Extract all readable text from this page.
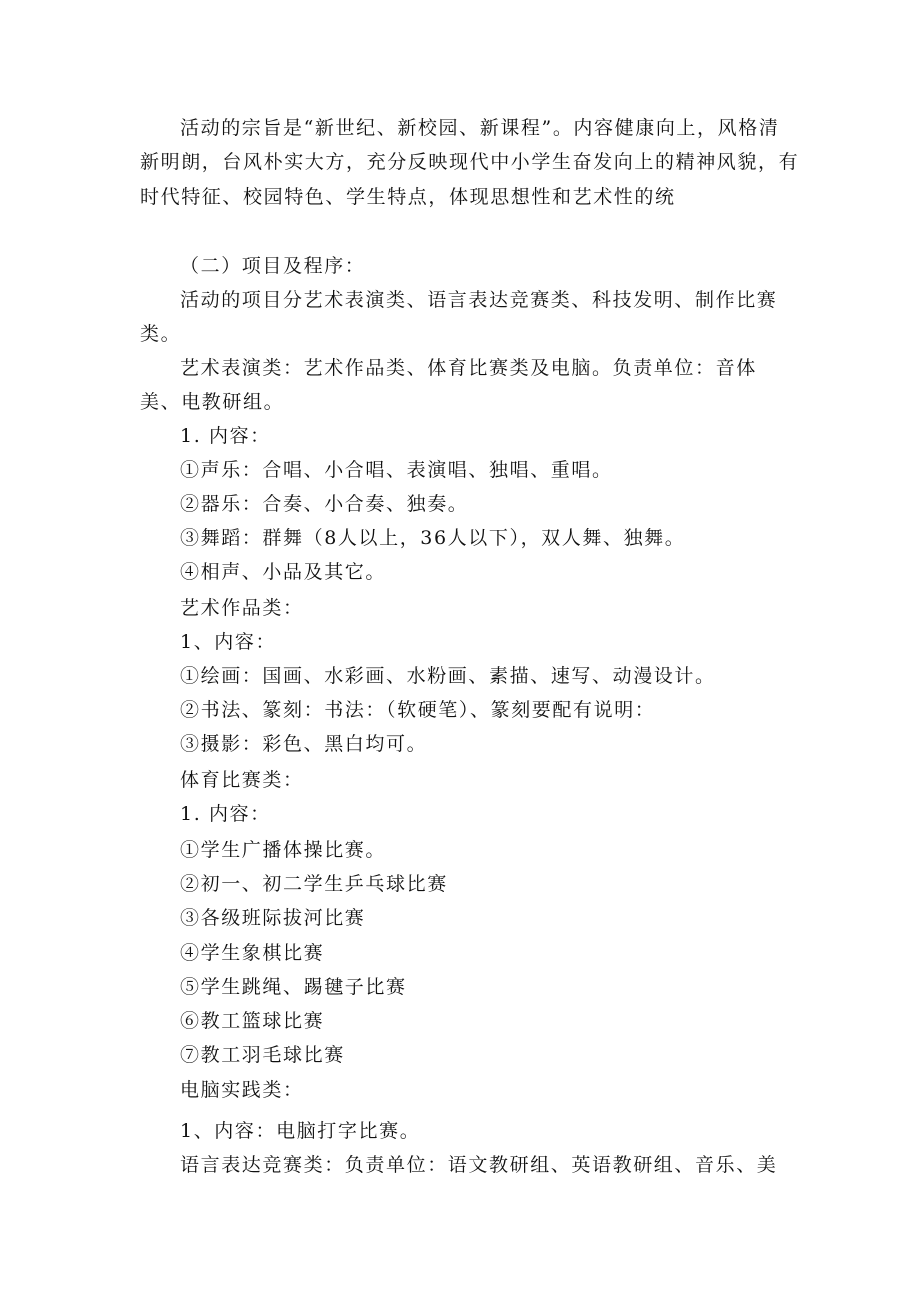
活动的宗旨是“新世纪、新校园、新课程”。内容健康向上，风格清
新明朗，台风朴实大方，充分反映现代中小学生奋发向上的精神风貌，有
时代特征、校园特色、学生特点，体现思想性和艺术性的统
（二）项目及程序：
活动的项目分艺术表演类、语言表达竞赛类、科技发明、制作比赛
类。
艺术表演类：艺术作品类、体育比赛类及电脑。负责单位：音体
美、电教研组。
1. 内容：
①声乐：合唱、小合唱、表演唱、独唱、重唱。
②器乐：合奏、小合奏、独奏。
③舞蹈：群舞（8人以上，36人以下），双人舞、独舞。
④相声、小品及其它。
艺术作品类：
1、内容：
①绘画：国画、水彩画、水粉画、素描、速写、动漫设计。
②书法、篆刻：书法：（软硬笔）、篆刻要配有说明：
③摄影：彩色、黑白均可。
体育比赛类：
1. 内容：
①学生广播体操比赛。
②初一、初二学生乒乓球比赛
③各级班际拔河比赛
④学生象棋比赛
⑤学生跳绳、踢毽子比赛
⑥教工篮球比赛
⑦教工羽毛球比赛
电脑实践类：
1、内容：电脑打字比赛。
语言表达竞赛类：负责单位：语文教研组、英语教研组、音乐、美
